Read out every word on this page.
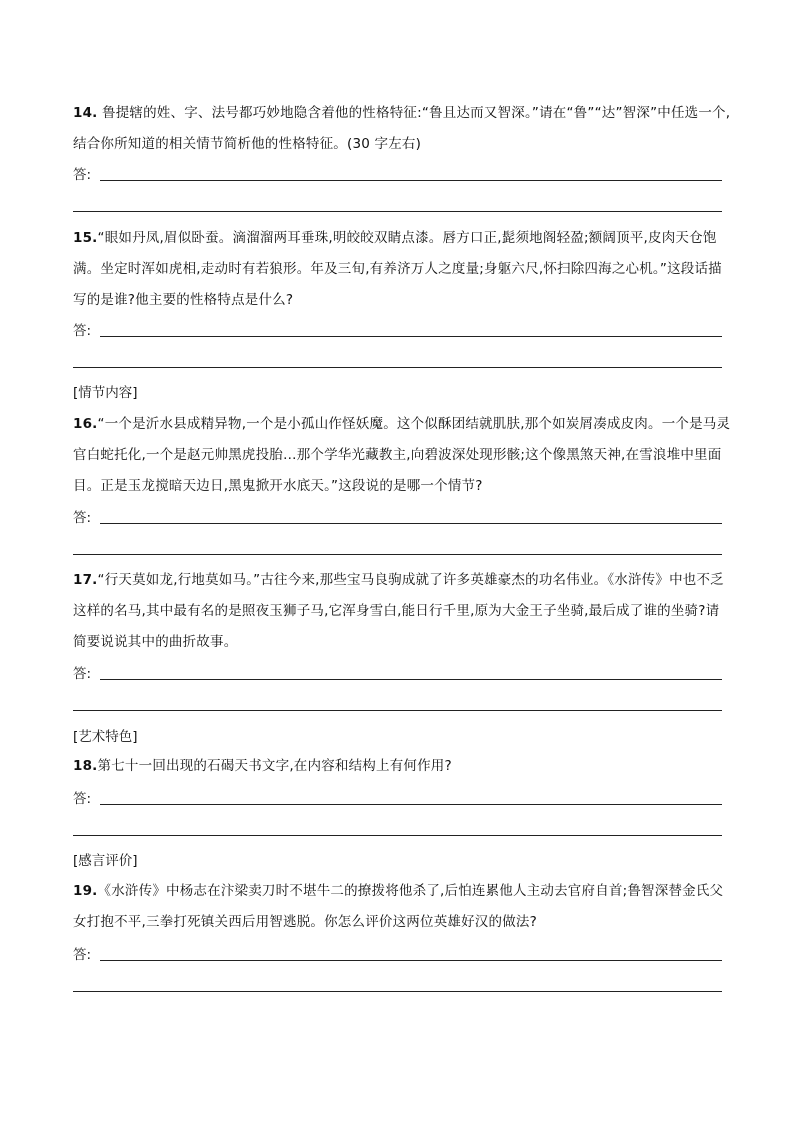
14. 鲁提辖的姓、字、法号都巧妙地隐含着他的性格特征:“鲁且达而又智深。”请在“鲁”“达”智深”中任选一个,结合你所知道的相关情节简析他的性格特征。(30 字左右)
答:
15.“眼如丹凤,眉似卧蚕。滴溜溜两耳垂珠,明皎皎双睛点漆。唇方口正,髭须地阁轻盈;额阔顶平,皮肉天仓饱满。坐定时浑如虎相,走动时有若狼形。年及三旬,有养济万人之度量;身躯六尺,怀扫除四海之心机。”这段话描写的是谁?他主要的性格特点是什么?
答:
[情节内容]
16.“一个是沂水县成精异物,一个是小孤山作怪妖魔。这个似酥团结就肌肤,那个如炭屑凑成皮肉。一个是马灵官白蛇托化,一个是赵元帅黑虎投胎…那个学华光藏教主,向碧波深处现形骸;这个像黑煞天神,在雪浪堆中里面目。正是玉龙搅暗天边日,黑鬼掀开水底天。”这段说的是哪一个情节?
答:
17.“行天莫如龙,行地莫如马。”古往今来,那些宝马良驹成就了许多英雄豪杰的功名伟业。《水浒传》中也不乏这样的名马,其中最有名的是照夜玉狮子马,它浑身雪白,能日行千里,原为大金王子坐骑,最后成了谁的坐骑?请简要说说其中的曲折故事。
答:
[艺术特色]
18.第七十一回出现的石碣天书文字,在内容和结构上有何作用?
答:
[感言评价]
19.《水浒传》中杨志在汴梁卖刀时不堪牛二的撩拨将他杀了,后怕连累他人主动去官府自首;鲁智深替金氏父女打抱不平,三拳打死镇关西后用智逃脱。你怎么评价这两位英雄好汉的做法?
答:
